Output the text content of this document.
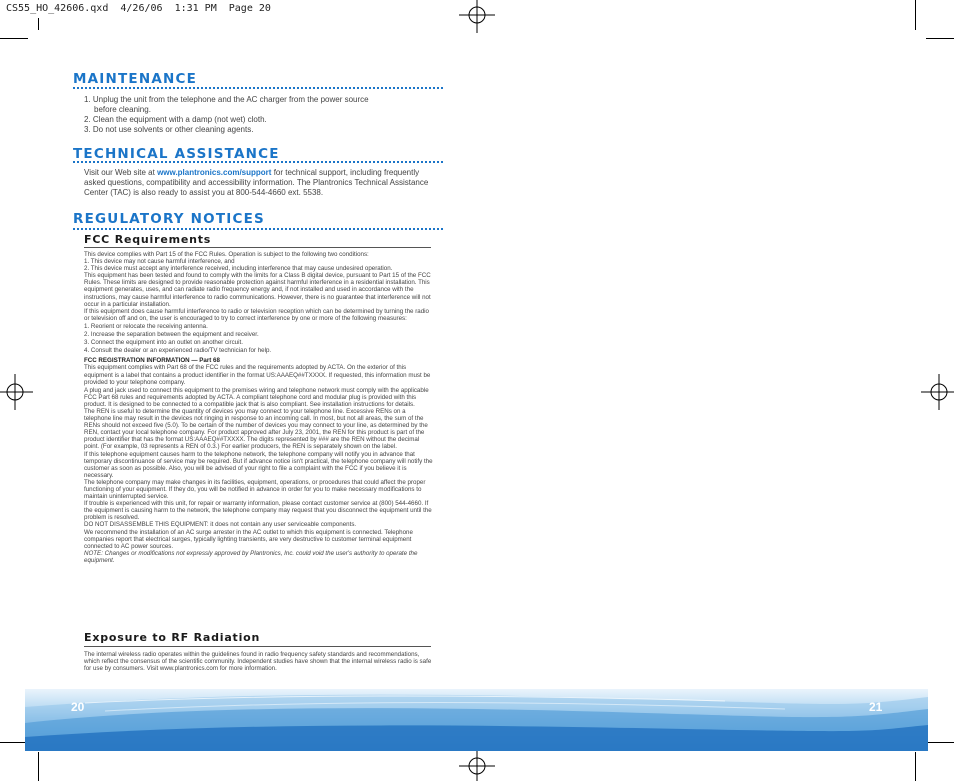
CS55_HO_42606.qxd  4/26/06  1:31 PM  Page 20
MAINTENANCE

1. Unplug the unit from the telephone and the AC charger from the power source

before cleaning.

2. Clean the equipment with a damp (not wet) cloth.

3. Do not use solvents or other cleaning agents.

TECHNICAL ASSISTANCE

Visit our Web site at www.plantronics.com/support for technical support, including frequently asked questions, compatibility and accessibility information. The Plantronics Technical Assistance Center (TAC) is also ready to assist you at 800-544-4660 ext. 5538.

REGULATORY NOTICES
FCC Requirements

This device complies with Part 15 of the FCC Rules. Operation is subject to the following two conditions:

1. This device may not cause harmful interference, and

2. This device must accept any interference received, including interference that may cause undesired operation.

This equipment has been tested and found to comply with the limits for a Class B digital device, pursuant to Part 15 of the FCC Rules. These limits are designed to provide reasonable protection against harmful interference in a residential installation. This equipment generates, uses, and can radiate radio frequency energy and, if not installed and used in accordance with the instructions, may cause harmful interference to radio communications. However, there is no guarantee that interference will not occur in a particular installation.

If this equipment does cause harmful interference to radio or television reception which can be determined by turning the radio or television off and on, the user is encouraged to try to correct interference by one or more of the following measures:

1. Reorient or relocate the receiving antenna.

2. Increase the separation between the equipment and receiver.

3. Connect the equipment into an outlet on another circuit.

4. Consult the dealer or an experienced radio/TV technician for help.

FCC REGISTRATION INFORMATION — Part 68

This equipment complies with Part 68 of the FCC rules and the requirements adopted by ACTA. On the exterior of this equipment is a label that contains a product identifier in the format US:AAAEQ##TXXXX. If requested, this information must be provided to your telephone company.

A plug and jack used to connect this equipment to the premises wiring and telephone network must comply with the applicable FCC Part 68 rules and requirements adopted by ACTA. A compliant telephone cord and modular plug is provided with this product. It is designed to be connected to a compatible jack that is also compliant. See installation instructions for details.

The REN is useful to determine the quantity of devices you may connect to your telephone line. Excessive RENs on a telephone line may result in the devices not ringing in response to an incoming call. In most, but not all areas, the sum of the RENs should not exceed five (5.0). To be certain of the number of devices you may connect to your line, as determined by the REN, contact your local telephone company. For product approved after July 23, 2001, the REN for this product is part of the product identifier that has the format US:AAAEQ##TXXXX. The digits represented by ### are the REN without the decimal point. (For example, 03 represents a REN of 0.3.) For earlier producers, the REN is separately shown on the label.

If this telephone equipment causes harm to the telephone network, the telephone company will notify you in advance that temporary discontinuance of service may be required. But if advance notice isn't practical, the telephone company will notify the customer as soon as possible. Also, you will be advised of your right to file a complaint with the FCC if you believe it is necessary.

The telephone company may make changes in its facilities, equipment, operations, or procedures that could affect the proper functioning of your equipment. If they do, you will be notified in advance in order for you to make necessary modifications to maintain uninterrupted service.

If trouble is experienced with this unit, for repair or warranty information, please contact customer service at (800) 544-4660. If the equipment is causing harm to the network, the telephone company may request that you disconnect the equipment until the problem is resolved.

DO NOT DISASSEMBLE THIS EQUIPMENT: it does not contain any user serviceable components.

We recommend the installation of an AC surge arrester in the AC outlet to which this equipment is connected. Telephone companies report that electrical surges, typically lighting transients, are very destructive to customer terminal equipment connected to AC power sources.

NOTE: Changes or modifications not expressly approved by Plantronics, Inc. could void the user's authority to operate the equipment.

Exposure to RF Radiation

The internal wireless radio operates within the guidelines found in radio frequency safety standards and recommendations, which reflect the consensus of the scientific community. Independent studies have shown that the internal wireless radio is safe for use by consumers. Visit www.plantronics.com for more information.

20	21
